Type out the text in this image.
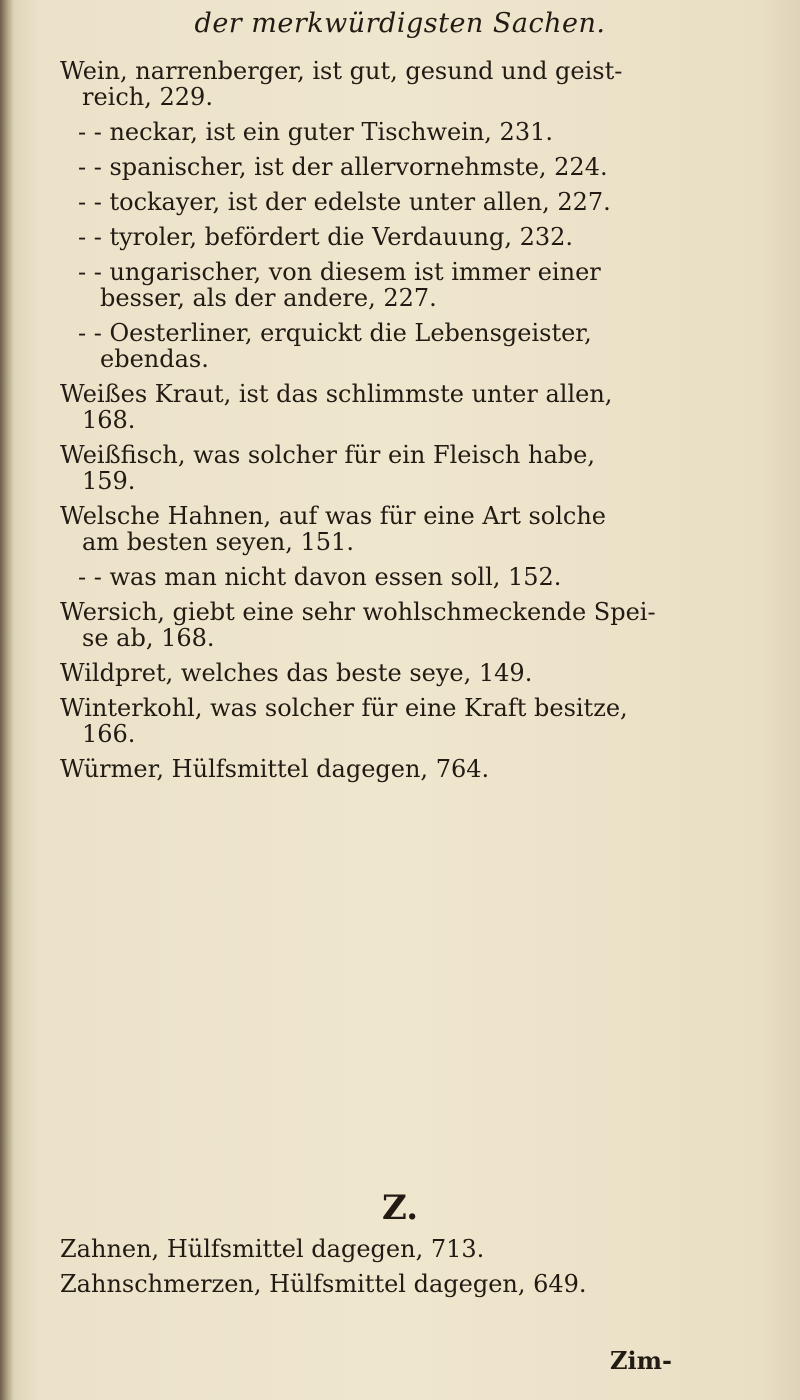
der merkwürdigsten Sachen.
Wein, narrenberger, ist gut, gesund und geist-
reich, 229.
- - neckar, ist ein guter Tischwein, 231.
- - spanischer, ist der allervornehmste, 224.
- - tockayer, ist der edelste unter allen, 227.
- - tyroler, befördert die Verdauung, 232.
- - ungarischer, von diesem ist immer einer
besser, als der andere, 227.
- - Oesterliner, erquickt die Lebensgeister,
ebendas.
Weißes Kraut, ist das schlimmste unter allen,
168.
Weißfisch, was solcher für ein Fleisch habe,
159.
Welsche Hahnen, auf was für eine Art solche
am besten seyen, 151.
- - was man nicht davon essen soll, 152.
Wersich, giebt eine sehr wohlschmeckende Spei-
se ab, 168.
Wildpret, welches das beste seye, 149.
Winterkohl, was solcher für eine Kraft besitze,
166.
Würmer, Hülfsmittel dagegen, 764.
Z.
Zahnen, Hülfsmittel dagegen, 713.
Zahnschmerzen, Hülfsmittel dagegen, 649.
Zim-
